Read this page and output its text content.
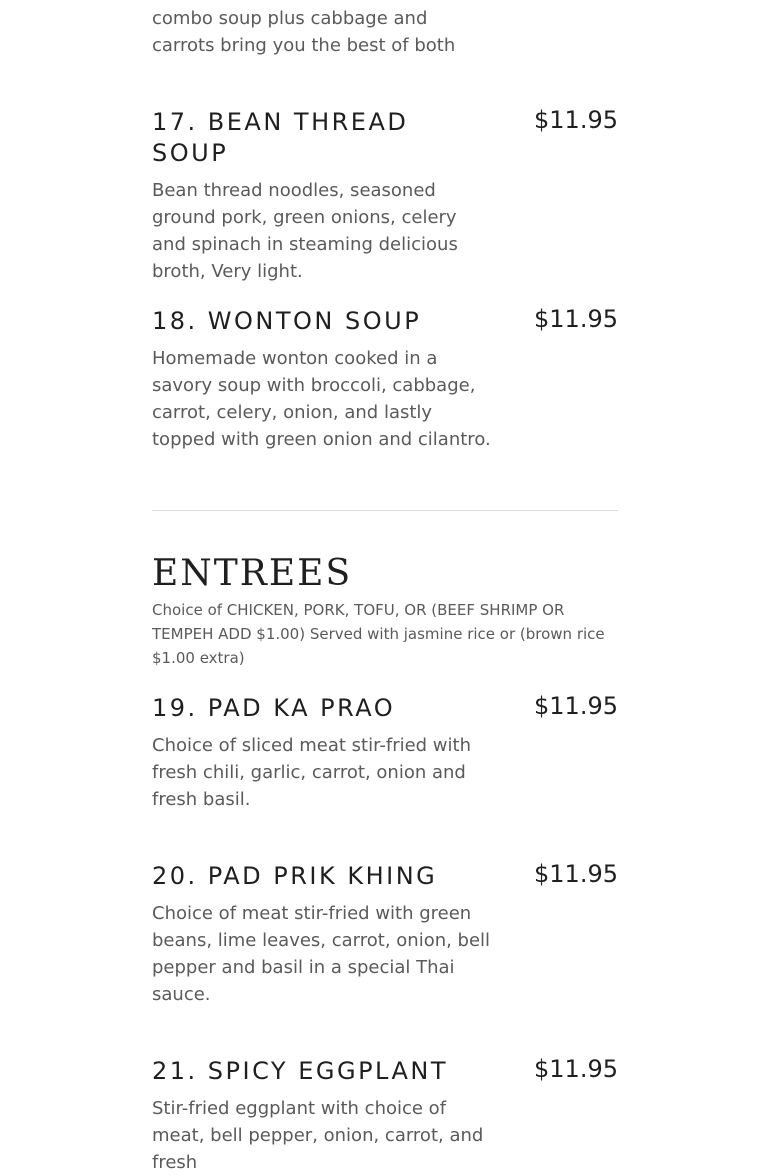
combo soup plus cabbage and carrots bring you the best of both
17. BEAN THREAD SOUP
$11.95
Bean thread noodles, seasoned ground pork, green onions, celery and spinach in steaming delicious broth, Very light.
18. WONTON SOUP	$11.95
Homemade wonton cooked in a savory soup with broccoli, cabbage, carrot, celery, onion, and lastly topped with green onion and cilantro.
ENTREES
Choice of CHICKEN, PORK, TOFU, OR (BEEF SHRIMP OR TEMPEH ADD $1.00) Served with jasmine rice or (brown rice $1.00 extra)
19. PAD KA PRAO	$11.95
Choice of sliced meat stir-fried with fresh chili, garlic, carrot, onion and fresh basil.
20. PAD PRIK KHING	$11.95
Choice of meat stir-fried with green beans, lime leaves, carrot, onion, bell pepper and basil in a special Thai sauce.
21. SPICY EGGPLANT	$11.95
Stir-fried eggplant with choice of meat, bell pepper, onion, carrot, and fresh
